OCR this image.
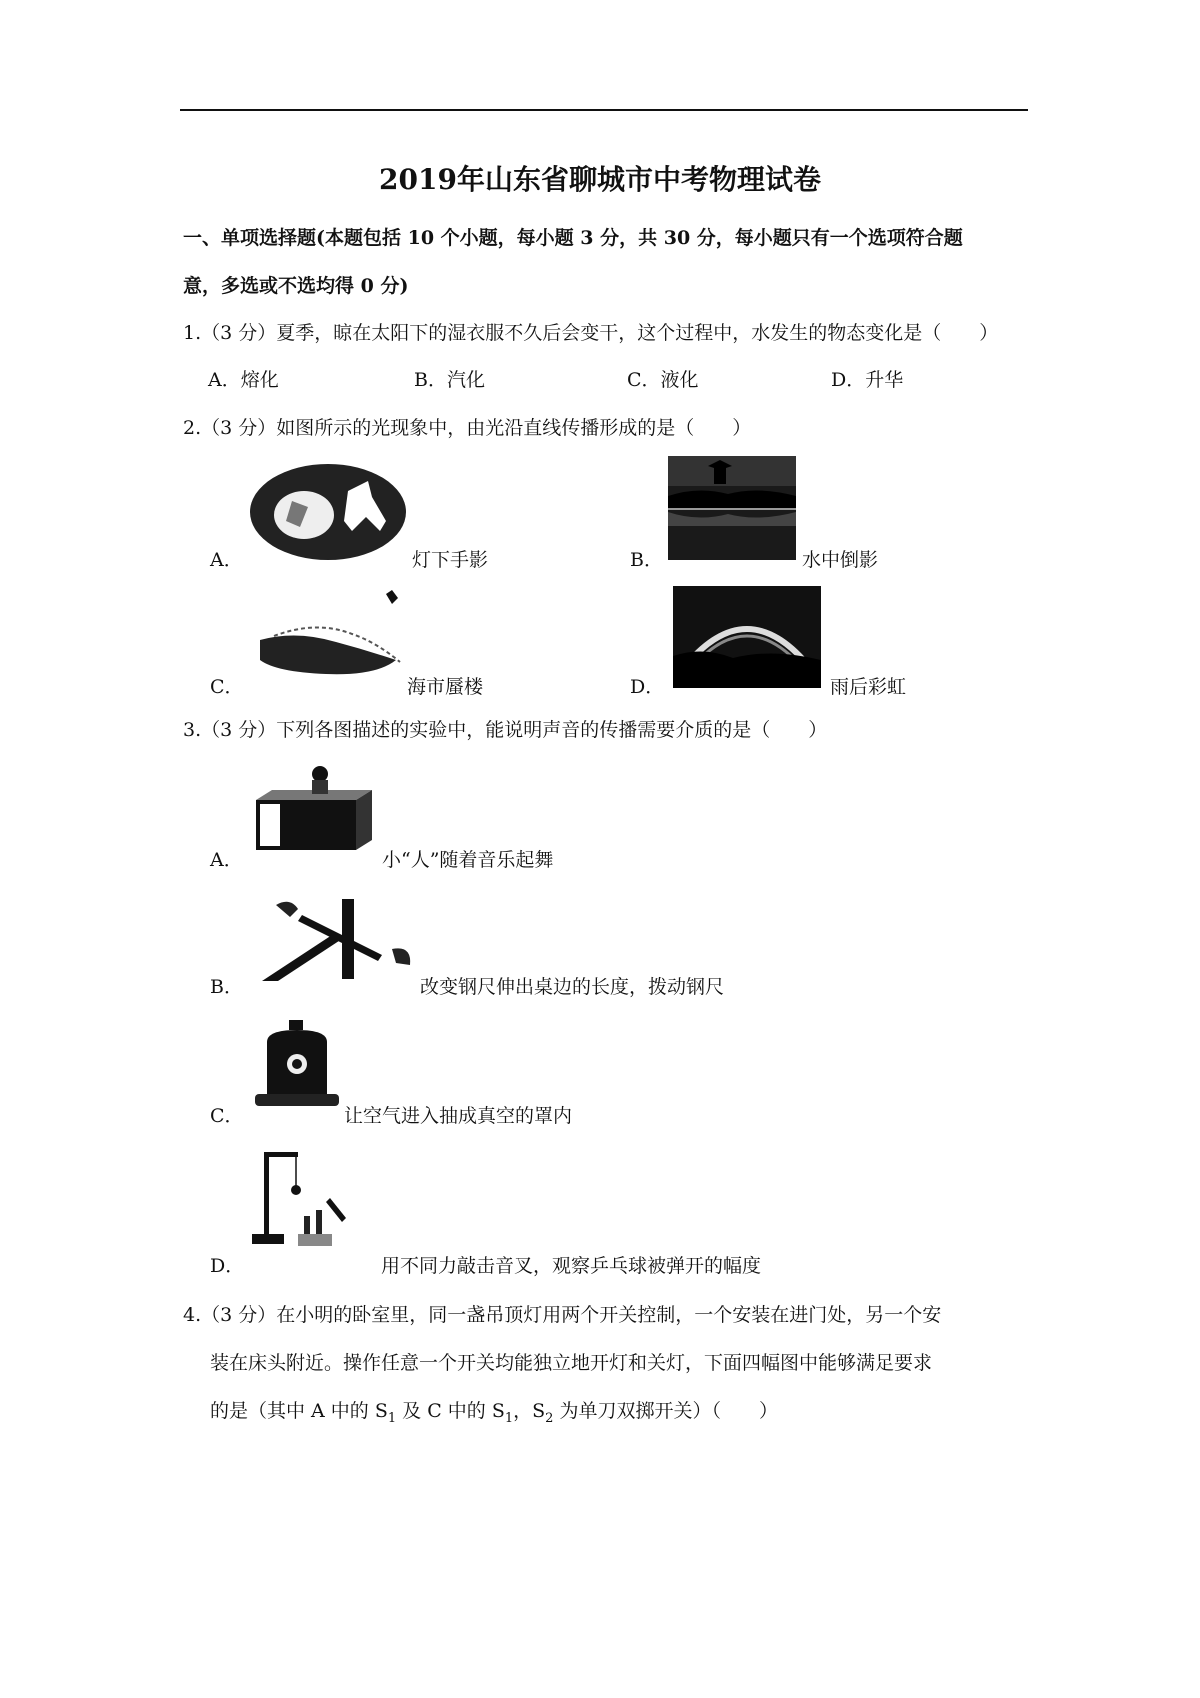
2019年山东省聊城市中考物理试卷
一、单项选择题(本题包括 10 个小题，每小题 3 分，共 30 分，每小题只有一个选项符合题
意，多选或不选均得 0 分)
1.（3 分）夏季，晾在太阳下的湿衣服不久后会变干，这个过程中，水发生的物态变化是（　　）
A．熔化	B．汽化	C．液化	D．升华
2.（3 分）如图所示的光现象中，由光沿直线传播形成的是（　　）
A．	灯下手影	B．	水中倒影
C．	海市蜃楼	D．	雨后彩虹
3.（3 分）下列各图描述的实验中，能说明声音的传播需要介质的是（　　）
A．	小“人”随着音乐起舞
B．	改变钢尺伸出桌边的长度，拨动钢尺
C．	让空气进入抽成真空的罩内
D．	用不同力敲击音叉，观察乒乓球被弹开的幅度
4.（3 分）在小明的卧室里，同一盏吊顶灯用两个开关控制，一个安装在进门处，另一个安
装在床头附近。操作任意一个开关均能独立地开灯和关灯，下面四幅图中能够满足要求
的是（其中 A 中的 $S_1$ 及 C 中的 $S_1$，$S_2$ 为单刀双掷开关）（　　）
